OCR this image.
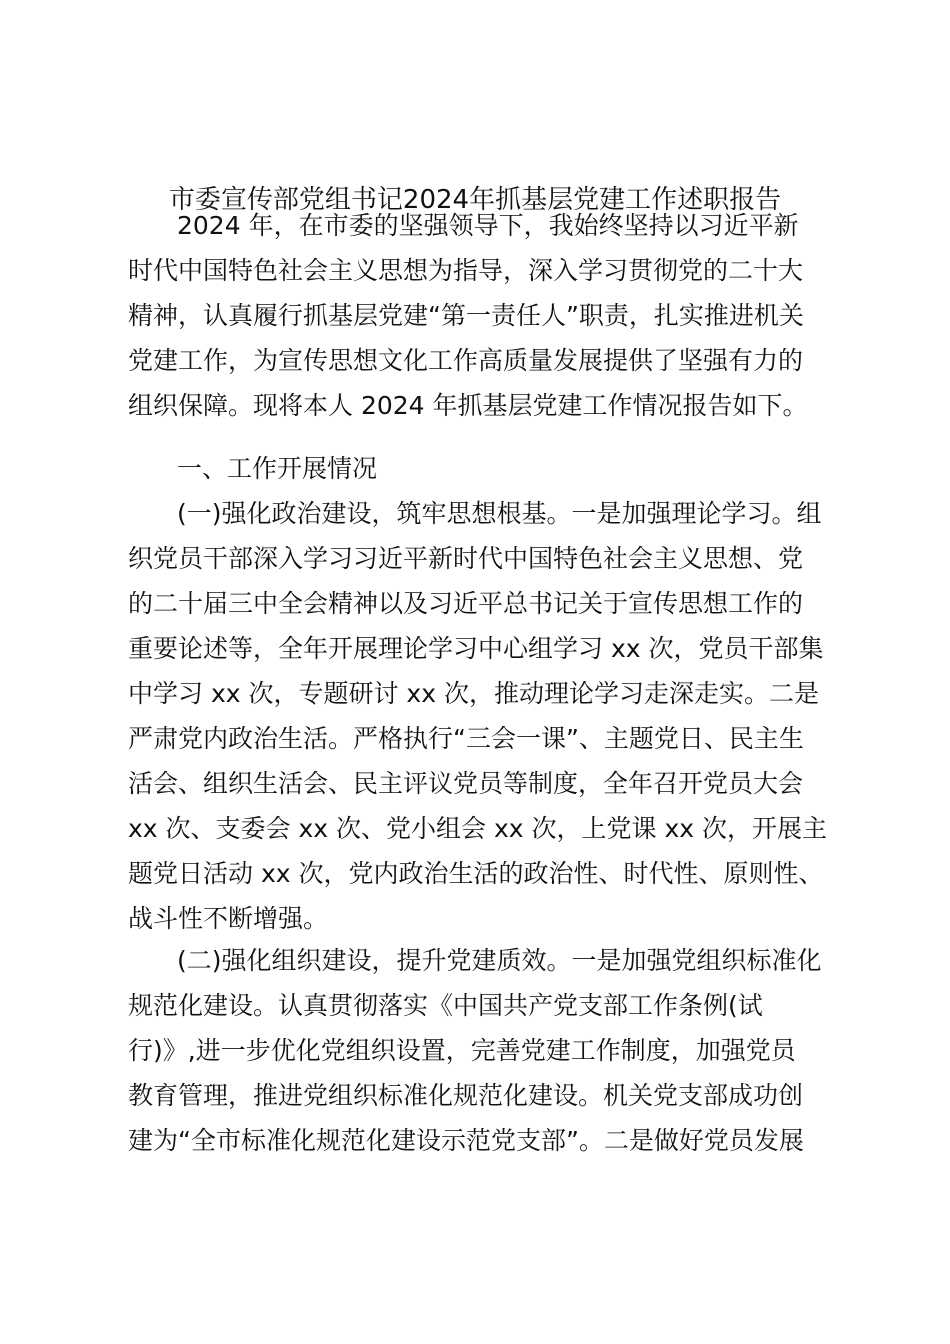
市委宣传部党组书记2024年抓基层党建工作述职报告
2024 年，在市委的坚强领导下，我始终坚持以习近平新
时代中国特色社会主义思想为指导，深入学习贯彻党的二十大
精神，认真履行抓基层党建“第一责任人”职责，扎实推进机关
党建工作，为宣传思想文化工作高质量发展提供了坚强有力的
组织保障。现将本人 2024 年抓基层党建工作情况报告如下。
一、工作开展情况
(一)强化政治建设，筑牢思想根基。一是加强理论学习。组
织党员干部深入学习习近平新时代中国特色社会主义思想、党
的二十届三中全会精神以及习近平总书记关于宣传思想工作的
重要论述等，全年开展理论学习中心组学习 xx 次，党员干部集
中学习 xx 次，专题研讨 xx 次，推动理论学习走深走实。二是
严肃党内政治生活。严格执行“三会一课”、主题党日、民主生
活会、组织生活会、民主评议党员等制度，全年召开党员大会
xx 次、支委会 xx 次、党小组会 xx 次，上党课 xx 次，开展主
题党日活动 xx 次，党内政治生活的政治性、时代性、原则性、
战斗性不断增强。
(二)强化组织建设，提升党建质效。一是加强党组织标准化
规范化建设。认真贯彻落实《中国共产党支部工作条例(试
行)》,进一步优化党组织设置，完善党建工作制度，加强党员
教育管理，推进党组织标准化规范化建设。机关党支部成功创
建为“全市标准化规范化建设示范党支部”。二是做好党员发展
